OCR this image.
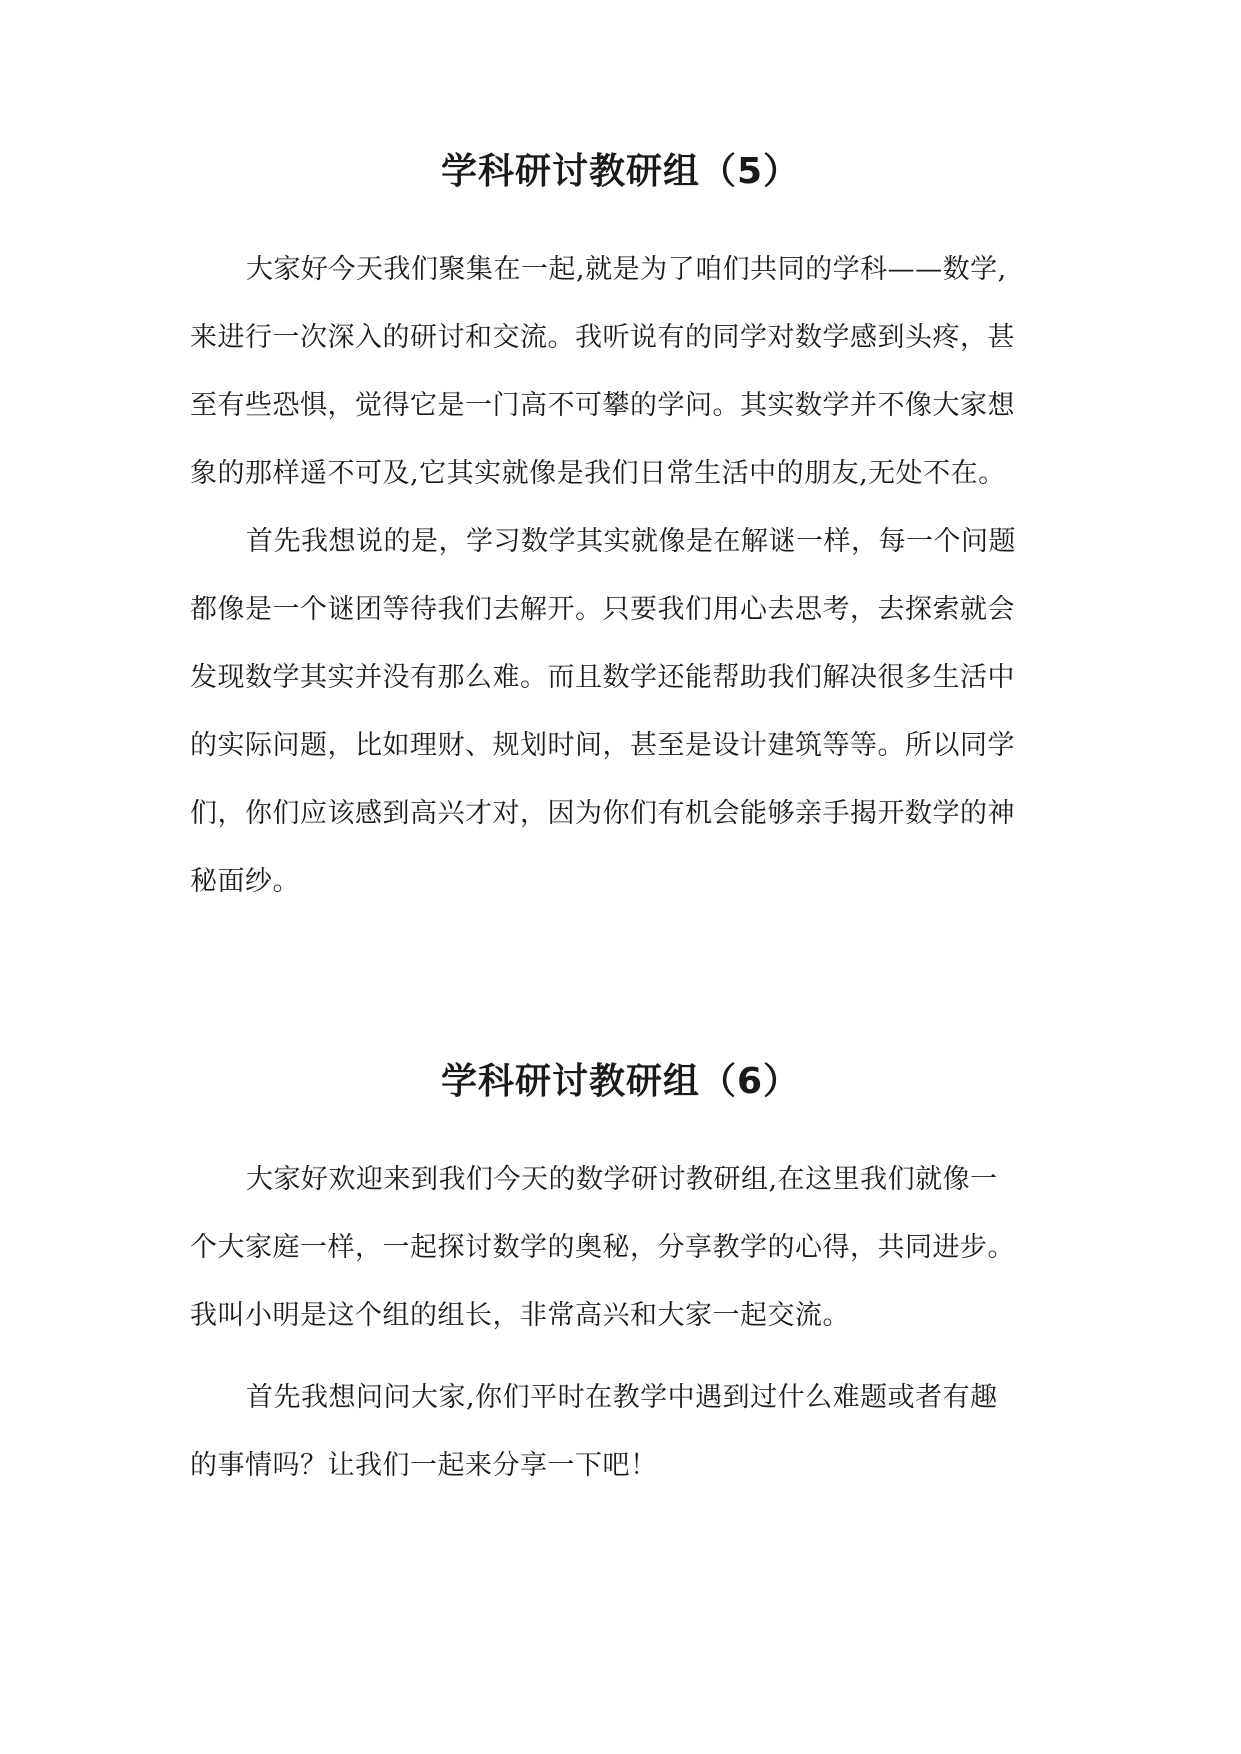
学科研讨教研组（5）

大家好今天我们聚集在一起,就是为了咱们共同的学科——数学,

来进行一次深入的研讨和交流。我听说有的同学对数学感到头疼，甚

至有些恐惧，觉得它是一门高不可攀的学问。其实数学并不像大家想

象的那样遥不可及,它其实就像是我们日常生活中的朋友,无处不在。

首先我想说的是，学习数学其实就像是在解谜一样，每一个问题

都像是一个谜团等待我们去解开。只要我们用心去思考，去探索就会

发现数学其实并没有那么难。而且数学还能帮助我们解决很多生活中

的实际问题，比如理财、规划时间，甚至是设计建筑等等。所以同学

们，你们应该感到高兴才对，因为你们有机会能够亲手揭开数学的神

秘面纱。

学科研讨教研组（6）

大家好欢迎来到我们今天的数学研讨教研组,在这里我们就像一

个大家庭一样，一起探讨数学的奥秘，分享教学的心得，共同进步。

我叫小明是这个组的组长，非常高兴和大家一起交流。

首先我想问问大家,你们平时在教学中遇到过什么难题或者有趣

的事情吗？让我们一起来分享一下吧！
